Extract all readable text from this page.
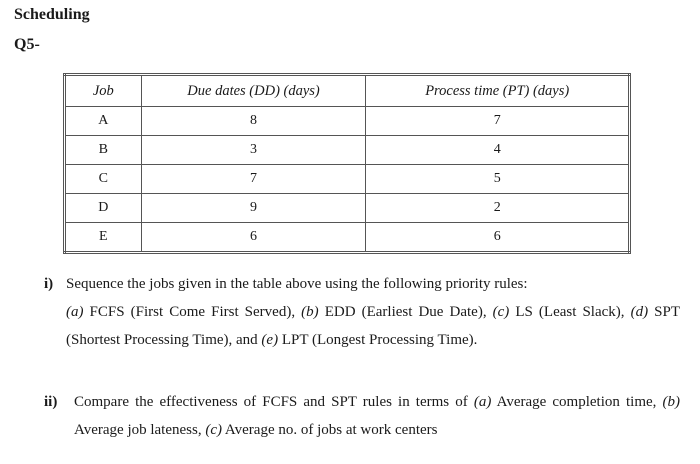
Scheduling
Q5-
Job	Due dates (DD) (days)	Process time (PT) (days)
A	8	7
B	3	4
C	7	5
D	9	2
E	6	6
i) Sequence the jobs given in the table above using the following priority rules:
(a) FCFS (First Come First Served), (b) EDD (Earliest Due Date), (c) LS (Least Slack), (d) SPT (Shortest Processing Time), and (e) LPT (Longest Processing Time).
ii) Compare the effectiveness of FCFS and SPT rules in terms of (a) Average completion time, (b) Average job lateness, (c) Average no. of jobs at work centers
